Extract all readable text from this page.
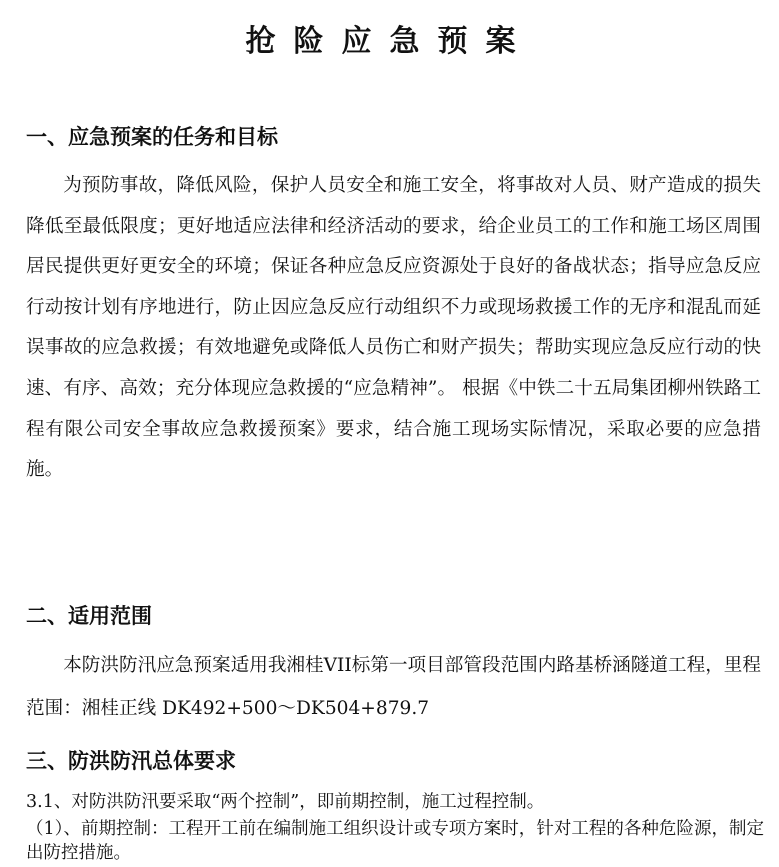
抢险应急预案
一、应急预案的任务和目标

为预防事故，降低风险，保护人员安全和施工安全，将事故对人员、财产造成的损失降低至最低限度；更好地适应法律和经济活动的要求，给企业员工的工作和施工场区周围居民提供更好更安全的环境；保证各种应急反应资源处于良好的备战状态；指导应急反应行动按计划有序地进行，防止因应急反应行动组织不力或现场救援工作的无序和混乱而延误事故的应急救援；有效地避免或降低人员伤亡和财产损失；帮助实现应急反应行动的快速、有序、高效；充分体现应急救援的“应急精神”。 根据《中铁二十五局集团柳州铁路工程有限公司安全事故应急救援预案》要求，结合施工现场实际情况，采取必要的应急措施。

二、适用范围

本防洪防汛应急预案适用我湘桂VII标第一项目部管段范围内路基桥涵隧道工程，里程范围：湘桂正线 DK492+500～DK504+879.7

三、防洪防汛总体要求
3.1、对防洪防汛要采取“两个控制”，即前期控制，施工过程控制。

（1）、前期控制：工程开工前在编制施工组织设计或专项方案时，针对工程的各种危险源，制定出防控措施。
